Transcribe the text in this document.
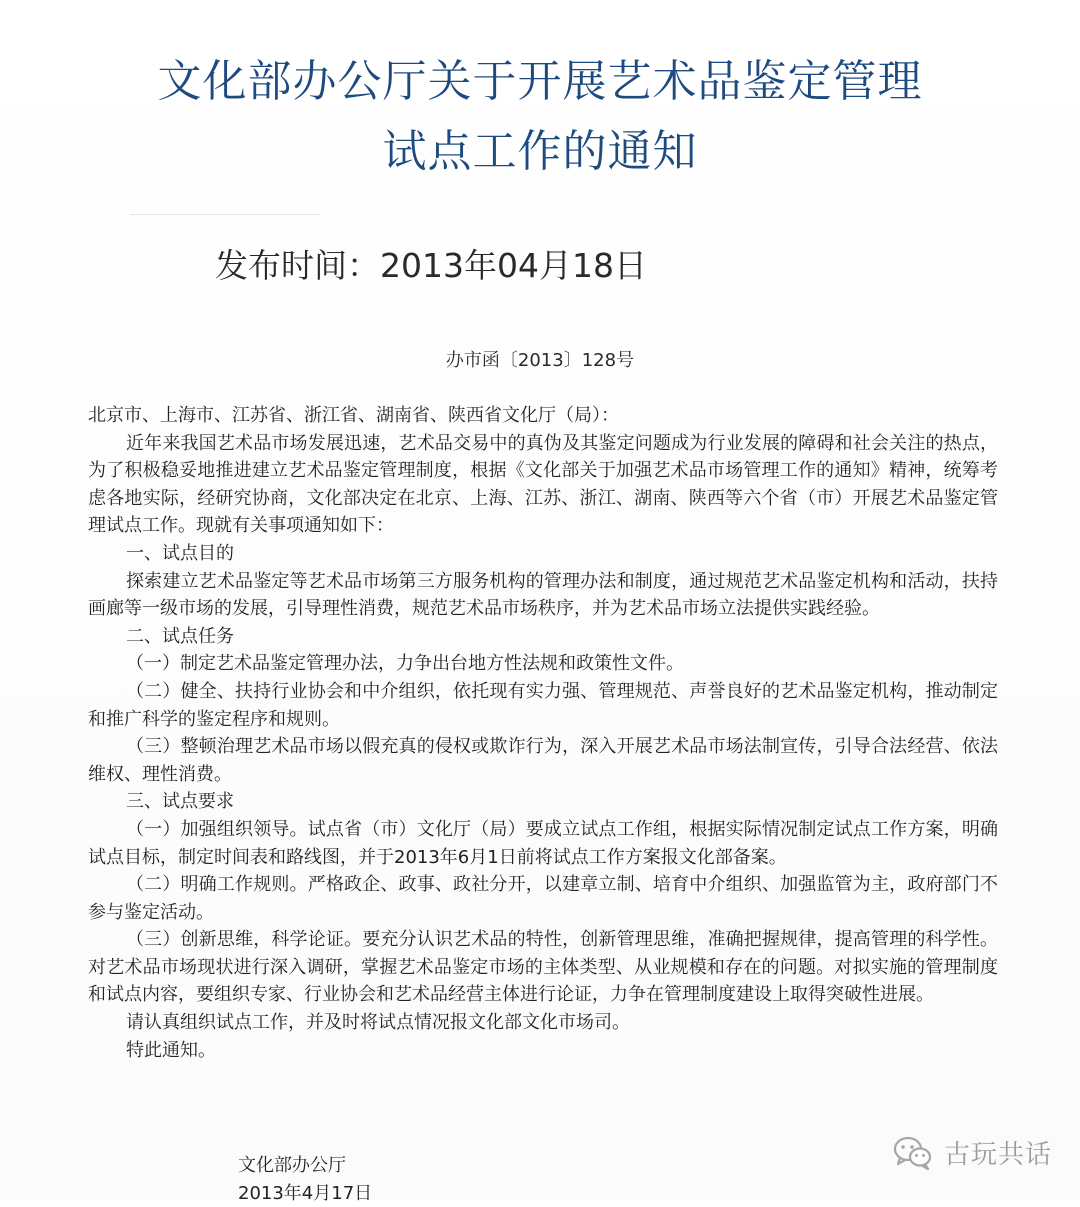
文化部办公厅关于开展艺术品鉴定管理
试点工作的通知
发布时间：2013年04月18日
办市函〔2013〕128号

北京市、上海市、江苏省、浙江省、湖南省、陕西省文化厅（局）：

近年来我国艺术品市场发展迅速，艺术品交易中的真伪及其鉴定问题成为行业发展的障碍和社会关注的热点，为了积极稳妥地推进建立艺术品鉴定管理制度，根据《文化部关于加强艺术品市场管理工作的通知》精神，统筹考虑各地实际，经研究协商，文化部决定在北京、上海、江苏、浙江、湖南、陕西等六个省（市）开展艺术品鉴定管理试点工作。现就有关事项通知如下：

一、试点目的

探索建立艺术品鉴定等艺术品市场第三方服务机构的管理办法和制度，通过规范艺术品鉴定机构和活动，扶持画廊等一级市场的发展，引导理性消费，规范艺术品市场秩序，并为艺术品市场立法提供实践经验。

二、试点任务

（一）制定艺术品鉴定管理办法，力争出台地方性法规和政策性文件。

（二）健全、扶持行业协会和中介组织，依托现有实力强、管理规范、声誉良好的艺术品鉴定机构，推动制定和推广科学的鉴定程序和规则。

（三）整顿治理艺术品市场以假充真的侵权或欺诈行为，深入开展艺术品市场法制宣传，引导合法经营、依法维权、理性消费。

三、试点要求

（一）加强组织领导。试点省（市）文化厅（局）要成立试点工作组，根据实际情况制定试点工作方案，明确试点目标，制定时间表和路线图，并于2013年6月1日前将试点工作方案报文化部备案。

（二）明确工作规则。严格政企、政事、政社分开，以建章立制、培育中介组织、加强监管为主，政府部门不参与鉴定活动。

（三）创新思维，科学论证。要充分认识艺术品的特性，创新管理思维，准确把握规律，提高管理的科学性。对艺术品市场现状进行深入调研，掌握艺术品鉴定市场的主体类型、从业规模和存在的问题。对拟实施的管理制度和试点内容，要组织专家、行业协会和艺术品经营主体进行论证，力争在管理制度建设上取得突破性进展。

请认真组织试点工作，并及时将试点情况报文化部文化市场司。

特此通知。

文化部办公厅
2013年4月17日
古玩共话
